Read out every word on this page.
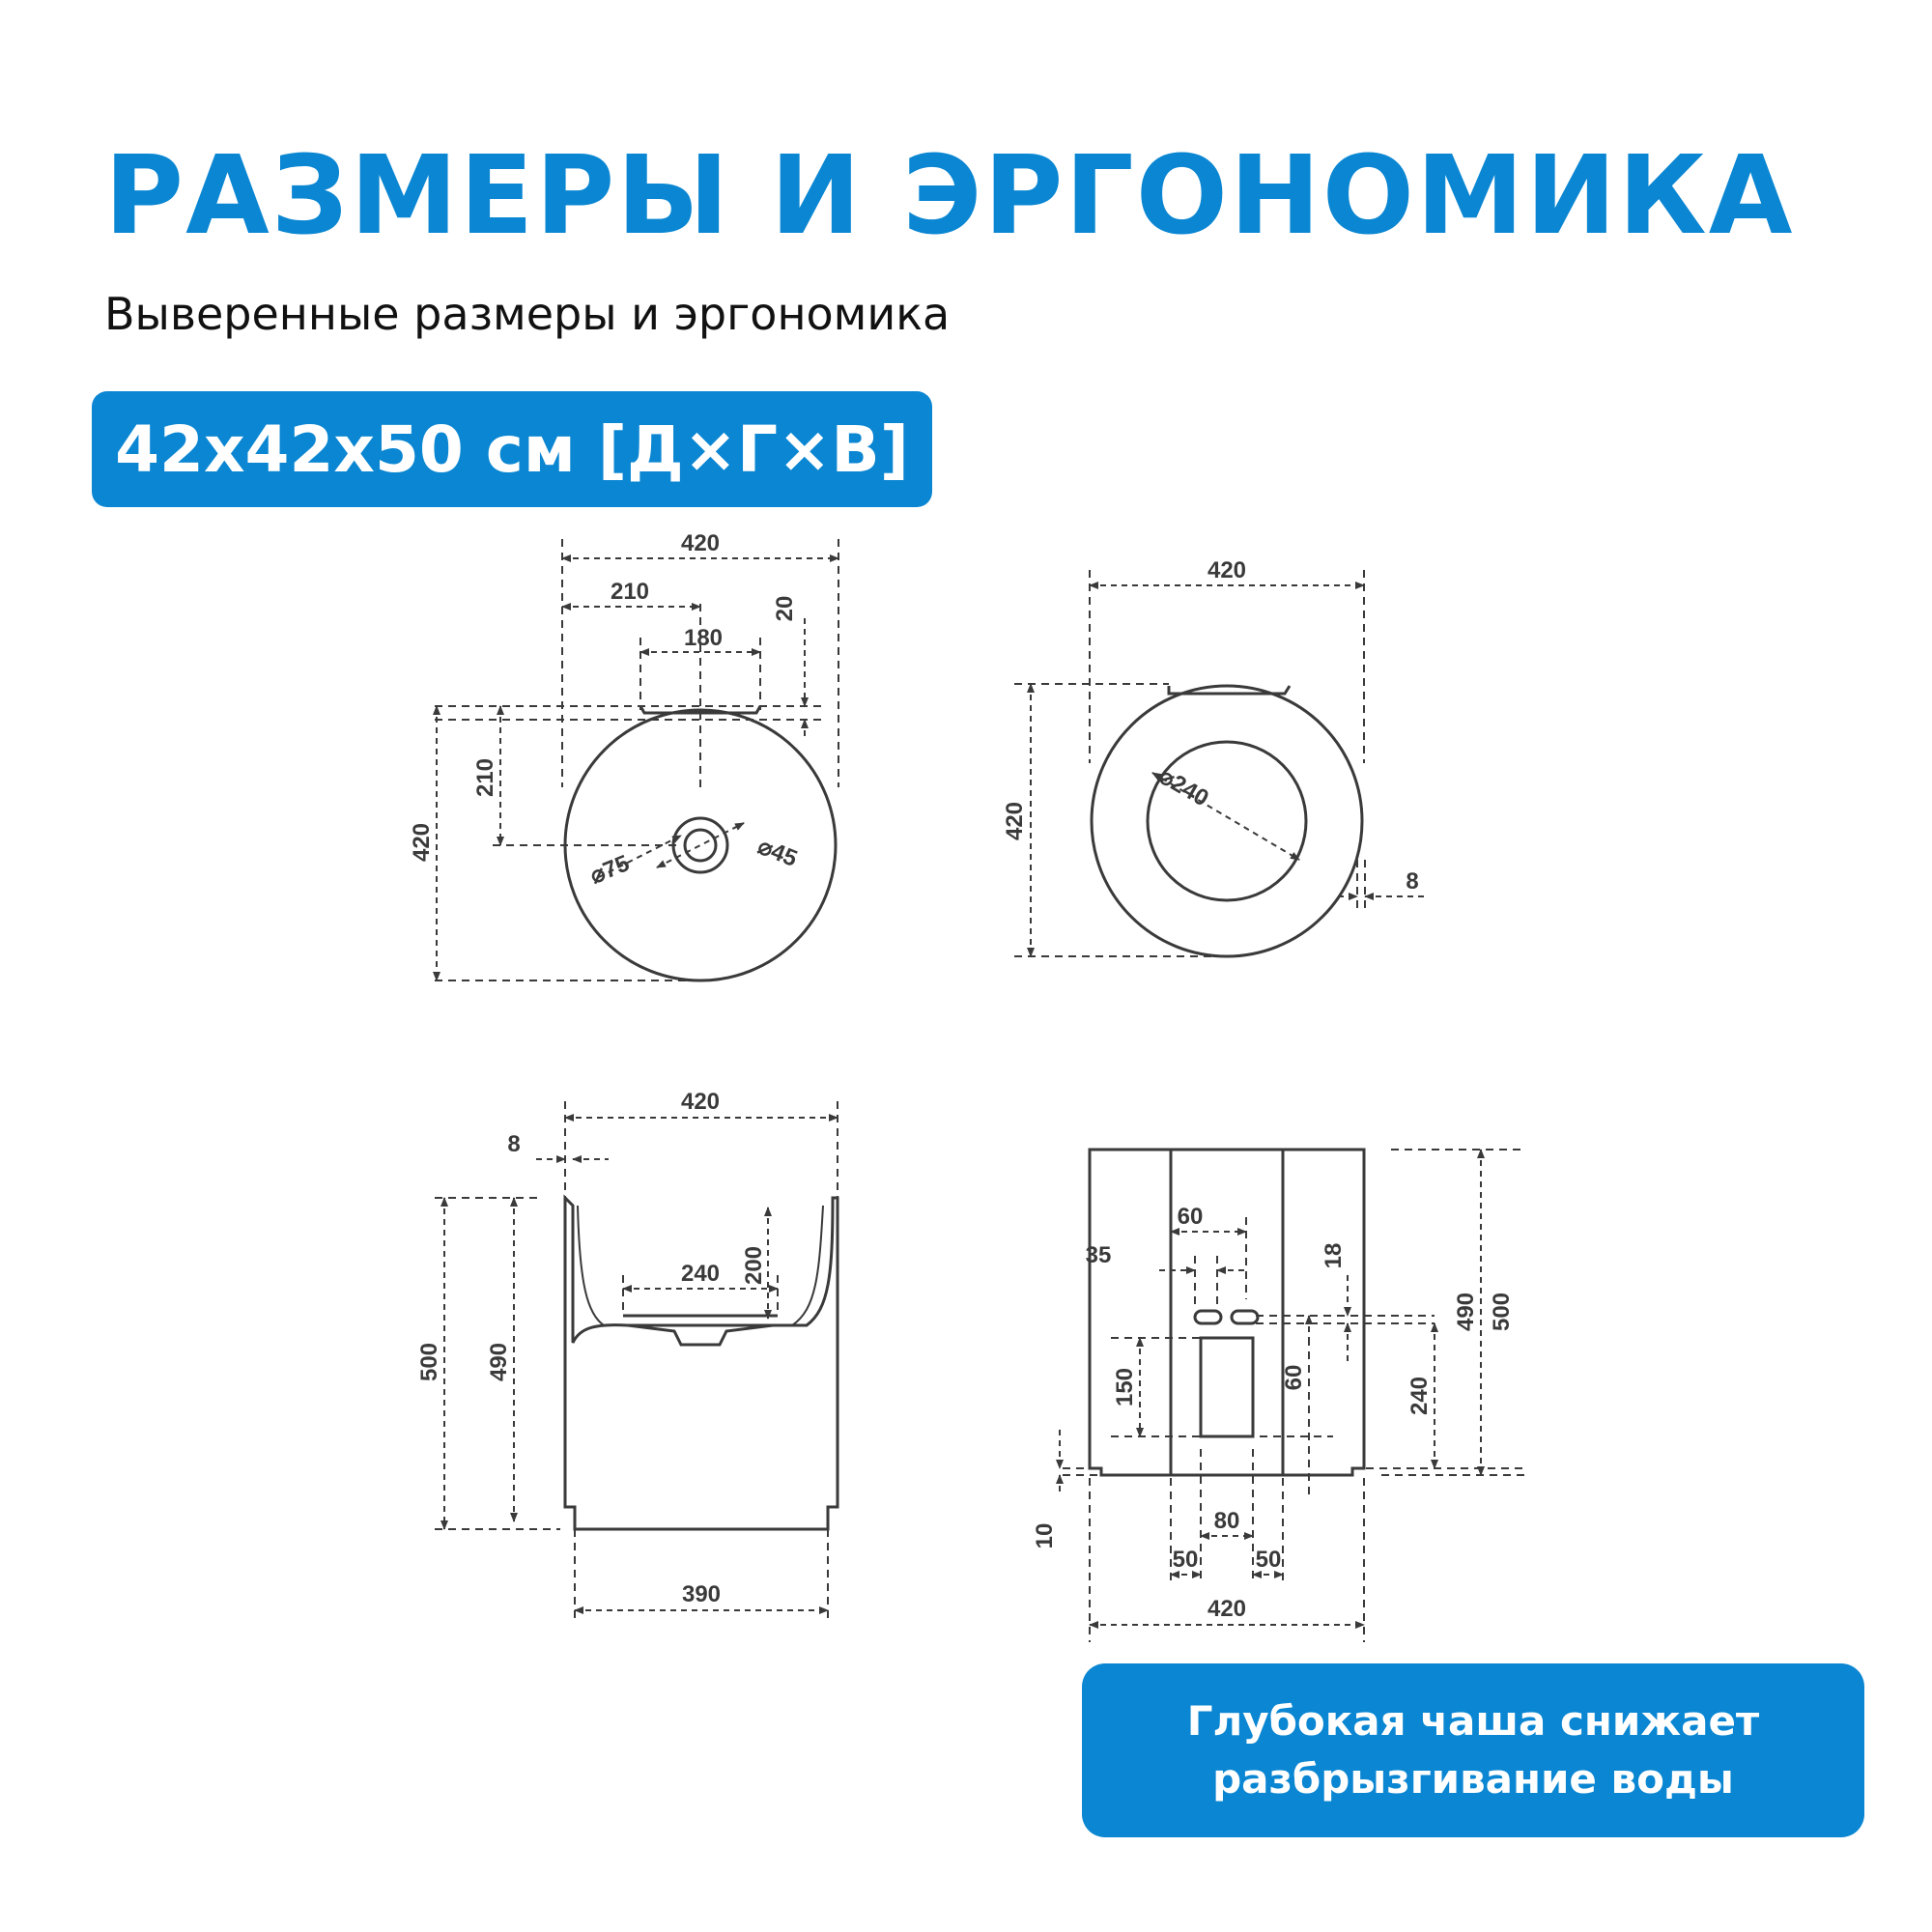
РАЗМЕРЫ И ЭРГОНОМИКА
Выверенные размеры и эргономика
42x42x50 см [Д×Г×В]
420
210
180
20
210
420
⌀75	⌀45
420
420
⌀240
8
420
8
500 490
240 200
390
60
35	18
150	60	240
490 500
10
80
50 50
420
Глубокая чаша снижает
разбрызгивание воды
